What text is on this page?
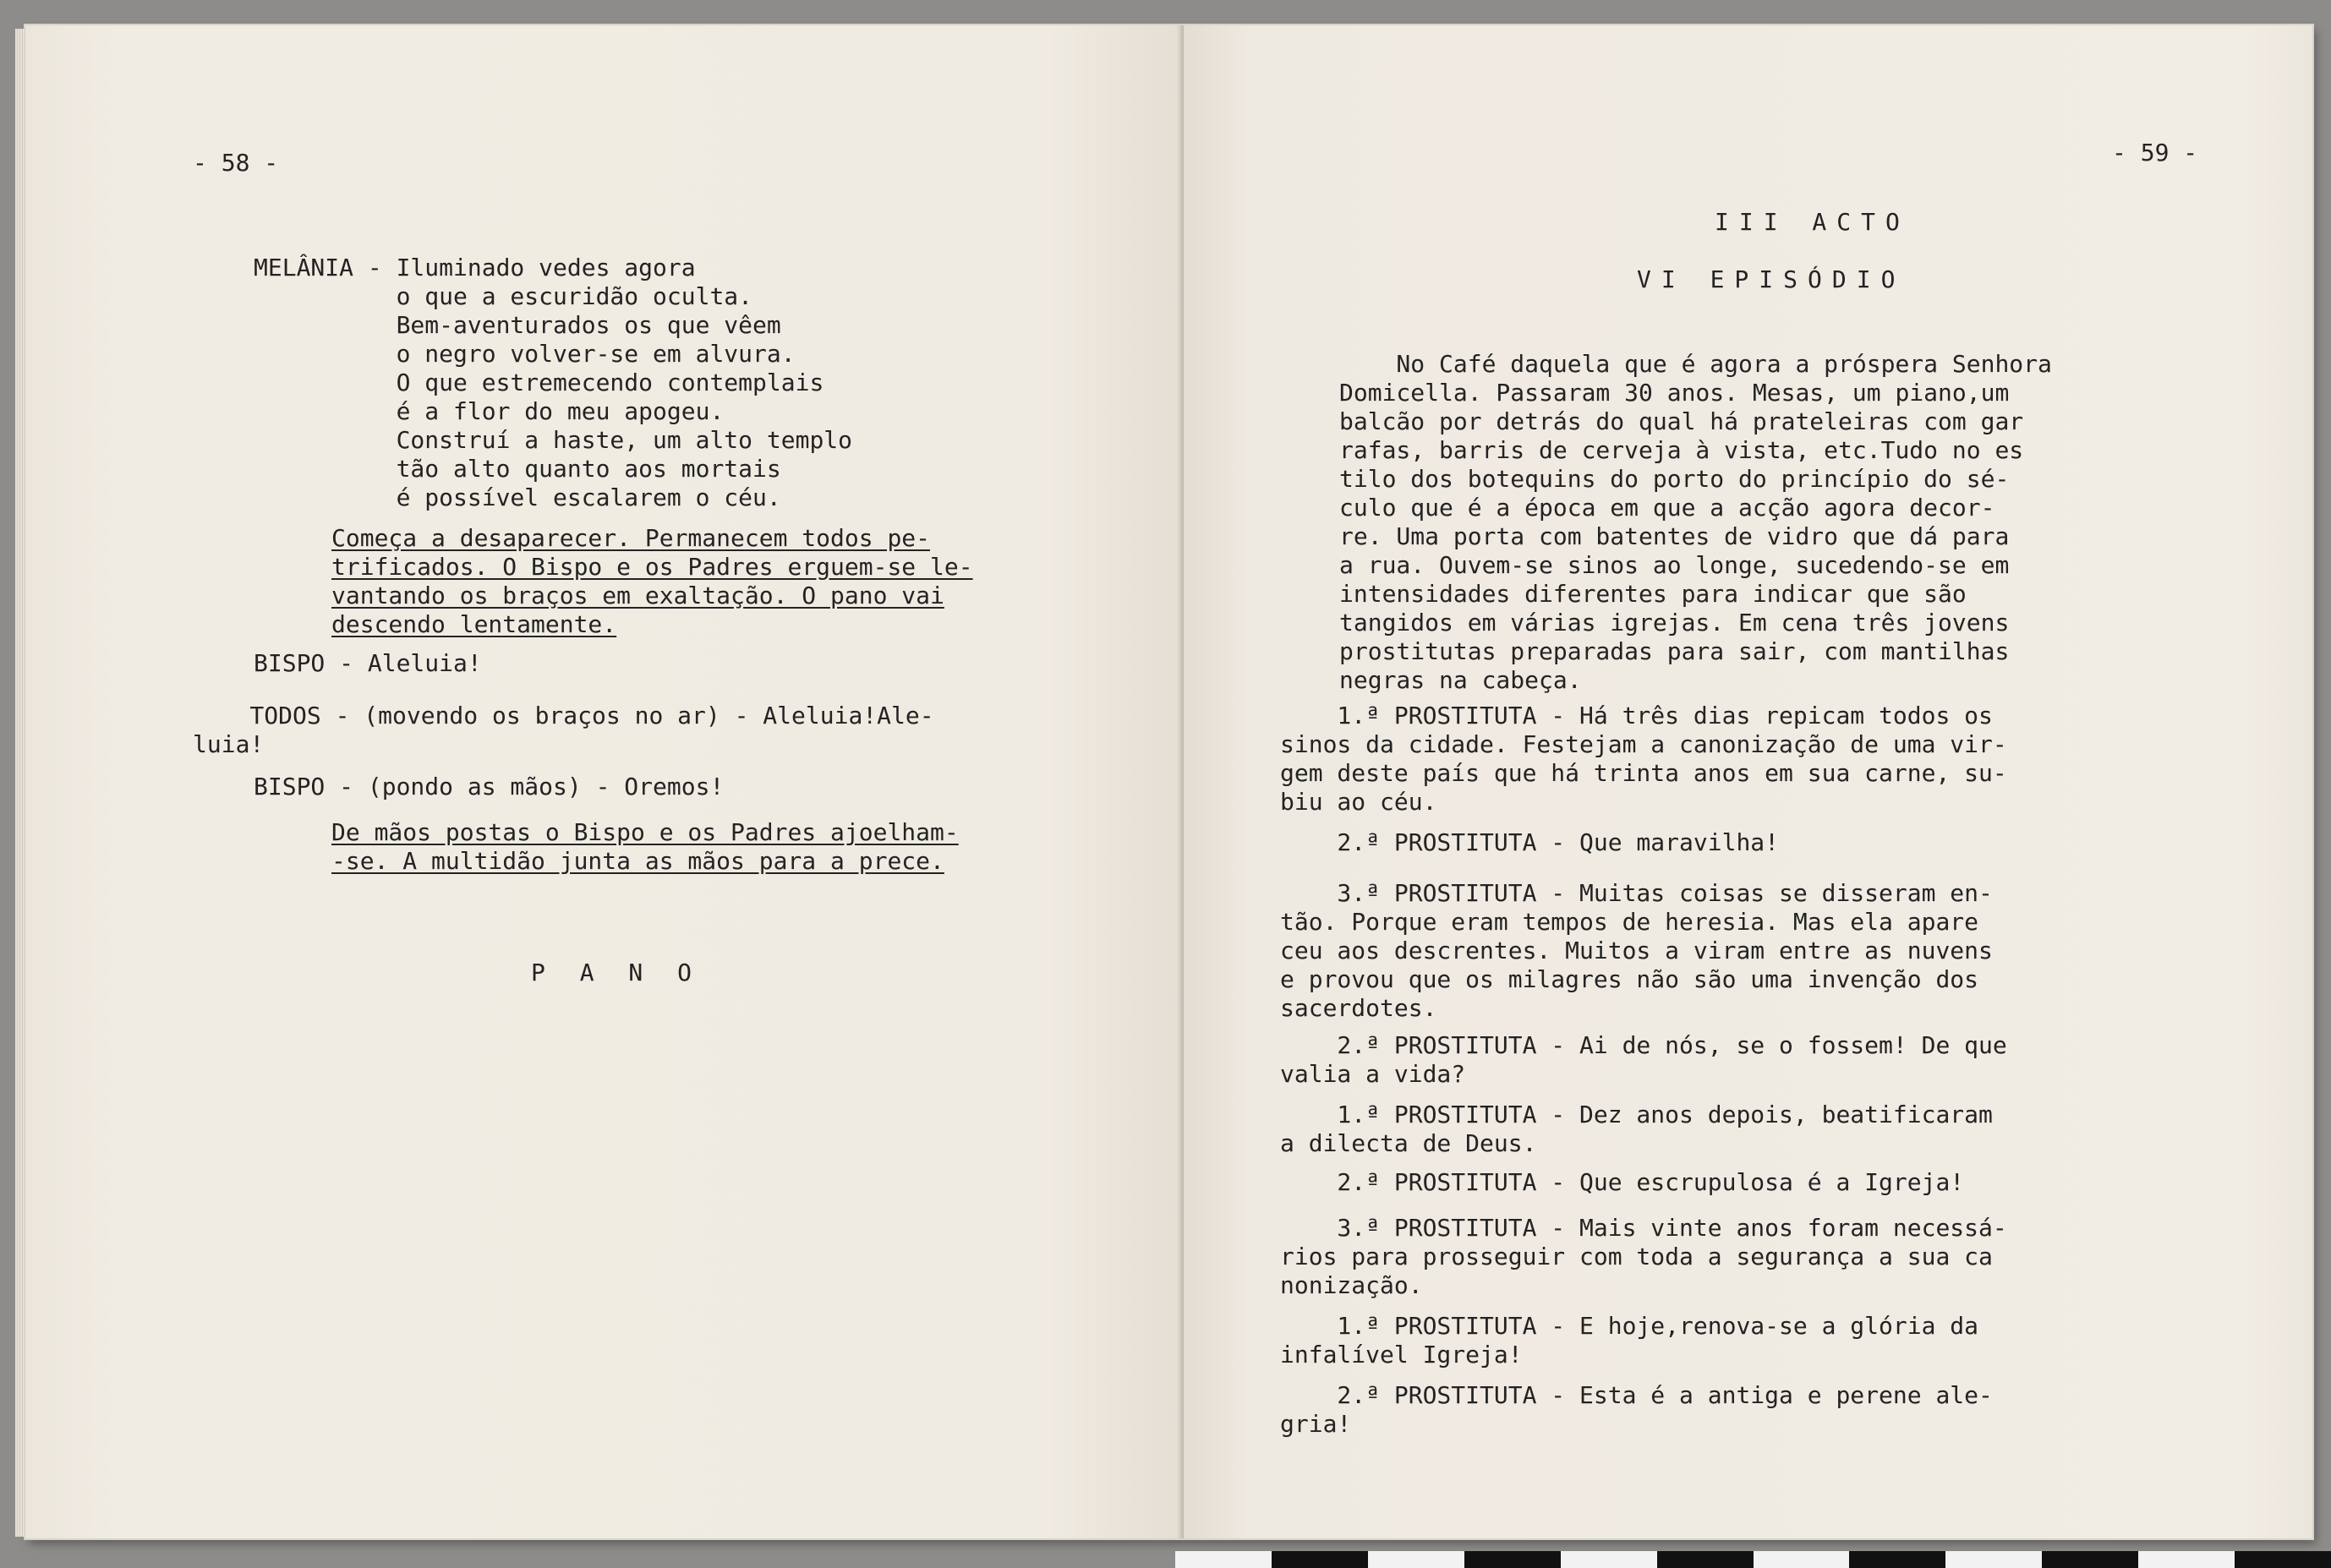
- 58 -
MELÂNIA - Iluminado vedes agora
o que a escuridão oculta.
Bem-aventurados os que vêem
o negro volver-se em alvura.
O que estremecendo contemplais
é a flor do meu apogeu.
Construí a haste, um alto templo
tão alto quanto aos mortais
é possível escalarem o céu.
Começa a desaparecer. Permanecem todos pe-
trificados. O Bispo e os Padres erguem-se le-
vantando os braços em exaltação. O pano vai
descendo lentamente.
BISPO - Aleluia!
TODOS - (movendo os braços no ar) - Aleluia!Ale-
luia!
BISPO - (pondo as mãos) - Oremos!
De mãos postas o Bispo e os Padres ajoelham-
-se. A multidão junta as mãos para a prece.
P A N O
- 59 -
III ACTO
VI EPISÓDIO
No Café daquela que é agora a próspera Senhora
Domicella. Passaram 30 anos. Mesas, um piano,um
balcão por detrás do qual há prateleiras com gar
rafas, barris de cerveja à vista, etc.Tudo no es
tilo dos botequins do porto do princípio do sé-
culo que é a época em que a acção agora decor-
re. Uma porta com batentes de vidro que dá para
a rua. Ouvem-se sinos ao longe, sucedendo-se em
intensidades diferentes para indicar que são
tangidos em várias igrejas. Em cena três jovens
prostitutas preparadas para sair, com mantilhas
negras na cabeça.
1.ª PROSTITUTA - Há três dias repicam todos os
sinos da cidade. Festejam a canonização de uma vir-
gem deste país que há trinta anos em sua carne, su-
biu ao céu.
2.ª PROSTITUTA - Que maravilha!
3.ª PROSTITUTA - Muitas coisas se disseram en-
tão. Porque eram tempos de heresia. Mas ela apare
ceu aos descrentes. Muitos a viram entre as nuvens
e provou que os milagres não são uma invenção dos
sacerdotes.
2.ª PROSTITUTA - Ai de nós, se o fossem! De que
valia a vida?
1.ª PROSTITUTA - Dez anos depois, beatificaram
a dilecta de Deus.
2.ª PROSTITUTA - Que escrupulosa é a Igreja!
3.ª PROSTITUTA - Mais vinte anos foram necessá-
rios para prosseguir com toda a segurança a sua ca
nonização.
1.ª PROSTITUTA - E hoje,renova-se a glória da
infalível Igreja!
2.ª PROSTITUTA - Esta é a antiga e perene ale-
gria!
